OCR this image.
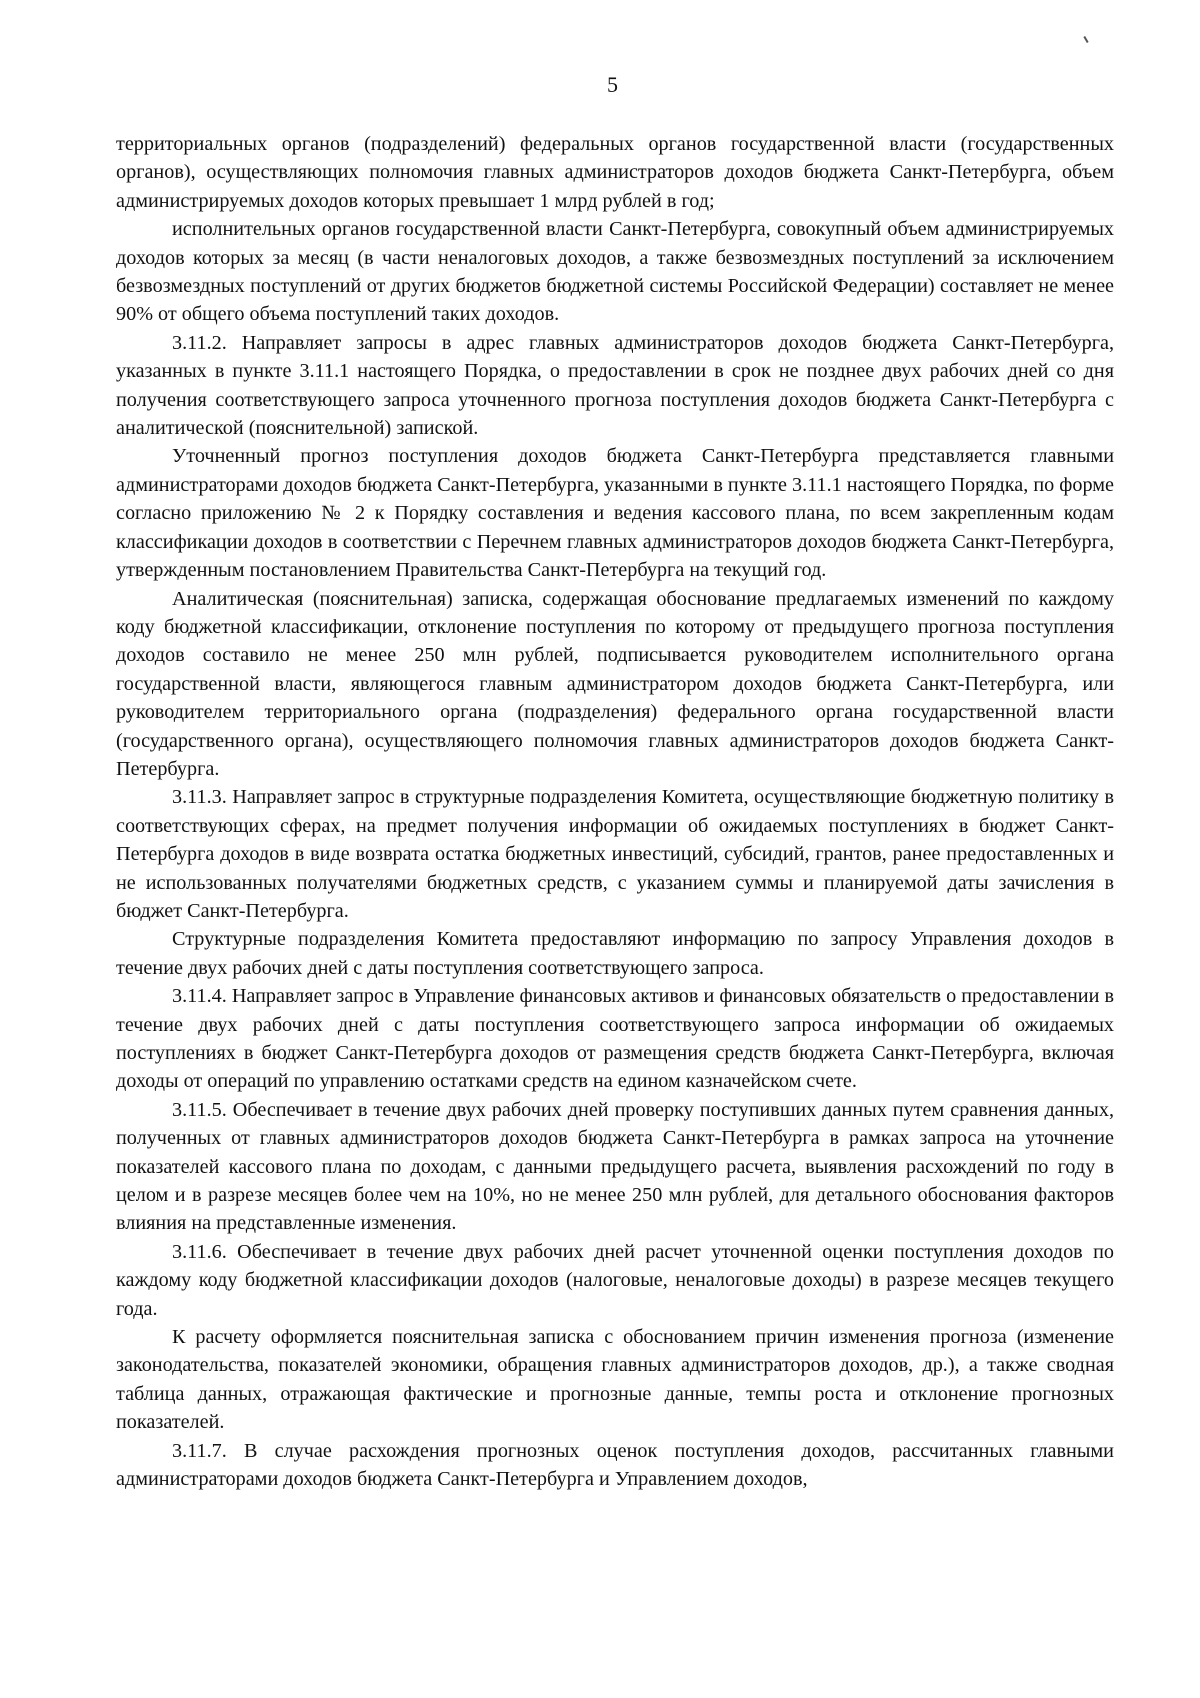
5

территориальных органов (подразделений) федеральных органов государственной власти (государственных органов), осуществляющих полномочия главных администраторов доходов бюджета Санкт-Петербурга, объем администрируемых доходов которых превышает 1 млрд рублей в год;

исполнительных органов государственной власти Санкт-Петербурга, совокупный объем администрируемых доходов которых за месяц (в части неналоговых доходов, а также безвозмездных поступлений за исключением безвозмездных поступлений от других бюджетов бюджетной системы Российской Федерации) составляет не менее 90% от общего объема поступлений таких доходов.

3.11.2. Направляет запросы в адрес главных администраторов доходов бюджета Санкт-Петербурга, указанных в пункте 3.11.1 настоящего Порядка, о предоставлении в срок не позднее двух рабочих дней со дня получения соответствующего запроса уточненного прогноза поступления доходов бюджета Санкт-Петербурга с аналитической (пояснительной) запиской.

Уточненный прогноз поступления доходов бюджета Санкт-Петербурга представляется главными администраторами доходов бюджета Санкт-Петербурга, указанными в пункте 3.11.1 настоящего Порядка, по форме согласно приложению № 2 к Порядку составления и ведения кассового плана, по всем закрепленным кодам классификации доходов в соответствии с Перечнем главных администраторов доходов бюджета Санкт-Петербурга, утвержденным постановлением Правительства Санкт-Петербурга на текущий год.

Аналитическая (пояснительная) записка, содержащая обоснование предлагаемых изменений по каждому коду бюджетной классификации, отклонение поступления по которому от предыдущего прогноза поступления доходов составило не менее 250 млн рублей, подписывается руководителем исполнительного органа государственной власти, являющегося главным администратором доходов бюджета Санкт-Петербурга, или руководителем территориального органа (подразделения) федерального органа государственной власти (государственного органа), осуществляющего полномочия главных администраторов доходов бюджета Санкт-Петербурга.

3.11.3. Направляет запрос в структурные подразделения Комитета, осуществляющие бюджетную политику в соответствующих сферах, на предмет получения информации об ожидаемых поступлениях в бюджет Санкт-Петербурга доходов в виде возврата остатка бюджетных инвестиций, субсидий, грантов, ранее предоставленных и не использованных получателями бюджетных средств, с указанием суммы и планируемой даты зачисления в бюджет Санкт-Петербурга.

Структурные подразделения Комитета предоставляют информацию по запросу Управления доходов в течение двух рабочих дней с даты поступления соответствующего запроса.

3.11.4. Направляет запрос в Управление финансовых активов и финансовых обязательств о предоставлении в течение двух рабочих дней с даты поступления соответствующего запроса информации об ожидаемых поступлениях в бюджет Санкт-Петербурга доходов от размещения средств бюджета Санкт-Петербурга, включая доходы от операций по управлению остатками средств на едином казначейском счете.

3.11.5. Обеспечивает в течение двух рабочих дней проверку поступивших данных путем сравнения данных, полученных от главных администраторов доходов бюджета Санкт-Петербурга в рамках запроса на уточнение показателей кассового плана по доходам, с данными предыдущего расчета, выявления расхождений по году в целом и в разрезе месяцев более чем на 10%, но не менее 250 млн рублей, для детального обоснования факторов влияния на представленные изменения.

3.11.6. Обеспечивает в течение двух рабочих дней расчет уточненной оценки поступления доходов по каждому коду бюджетной классификации доходов (налоговые, неналоговые доходы) в разрезе месяцев текущего года.

К расчету оформляется пояснительная записка с обоснованием причин изменения прогноза (изменение законодательства, показателей экономики, обращения главных администраторов доходов, др.), а также сводная таблица данных, отражающая фактические и прогнозные данные, темпы роста и отклонение прогнозных показателей.

3.11.7. В случае расхождения прогнозных оценок поступления доходов, рассчитанных главными администраторами доходов бюджета Санкт-Петербурга и Управлением доходов,
